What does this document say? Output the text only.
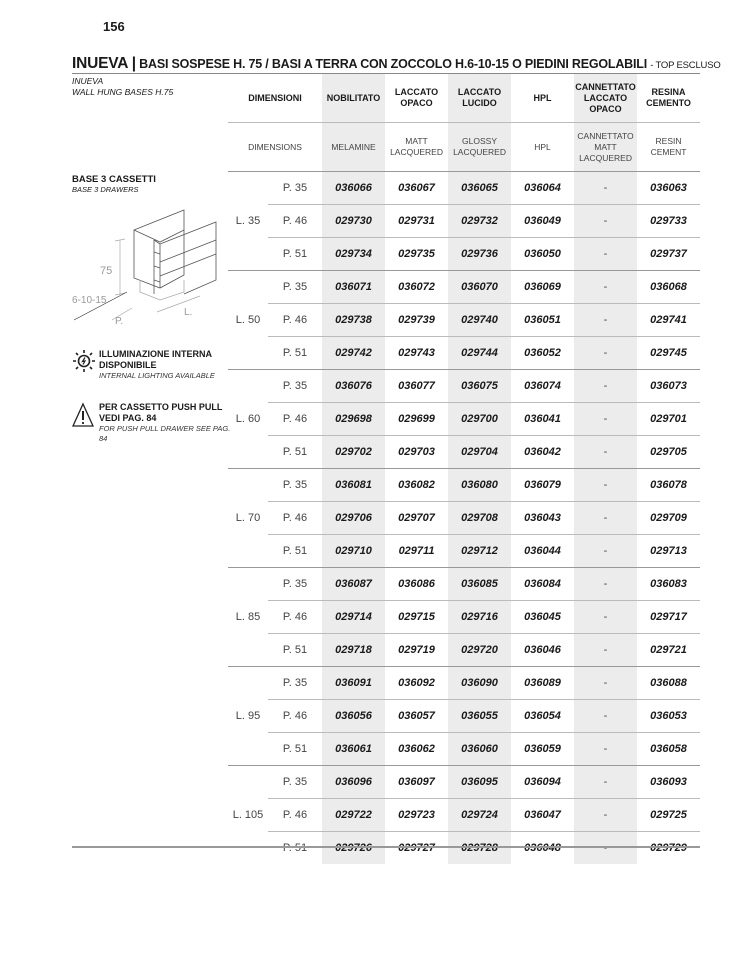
156
INUEVA | BASI SOSPESE H. 75 / BASI A TERRA CON ZOCCOLO H.6-10-15 O PIEDINI REGOLABILI - TOP ESCLUSO
INUEVA
WALL HUNG BASES H.75
BASE 3 CASSETTI
BASE 3 DRAWERS
75
6-10-15
P.
L.
ILLUMINAZIONE INTERNA DISPONIBILE
INTERNAL LIGHTING AVAILABLE
PER CASSETTO PUSH PULL VEDI PAG. 84
FOR PUSH PULL DRAWER SEE PAG. 84
DIMENSIONI		NOBILITATO	LACCATO OPACO	LACCATO LUCIDO	HPL	CANNETTATO LACCATO OPACO	RESINA CEMENTO
DIMENSIONS		MELAMINE	MATT LACQUERED	GLOSSY LACQUERED	HPL	CANNETTATO MATT LACQUERED	RESIN CEMENT
L. 35	P. 35	036066	036067	036065	036064	-	036063
	P. 46	029730	029731	029732	036049	-	029733
	P. 51	029734	029735	029736	036050	-	029737
L. 50	P. 35	036071	036072	036070	036069	-	036068
	P. 46	029738	029739	029740	036051	-	029741
	P. 51	029742	029743	029744	036052	-	029745
L. 60	P. 35	036076	036077	036075	036074	-	036073
	P. 46	029698	029699	029700	036041	-	029701
	P. 51	029702	029703	029704	036042	-	029705
L. 70	P. 35	036081	036082	036080	036079	-	036078
	P. 46	029706	029707	029708	036043	-	029709
	P. 51	029710	029711	029712	036044	-	029713
L. 85	P. 35	036087	036086	036085	036084	-	036083
	P. 46	029714	029715	029716	036045	-	029717
	P. 51	029718	029719	029720	036046	-	029721
L. 95	P. 35	036091	036092	036090	036089	-	036088
	P. 46	036056	036057	036055	036054	-	036053
	P. 51	036061	036062	036060	036059	-	036058
L. 105	P. 35	036096	036097	036095	036094	-	036093
	P. 46	029722	029723	029724	036047	-	029725
	P. 51	029726	029727	029728	036048	-	029729
